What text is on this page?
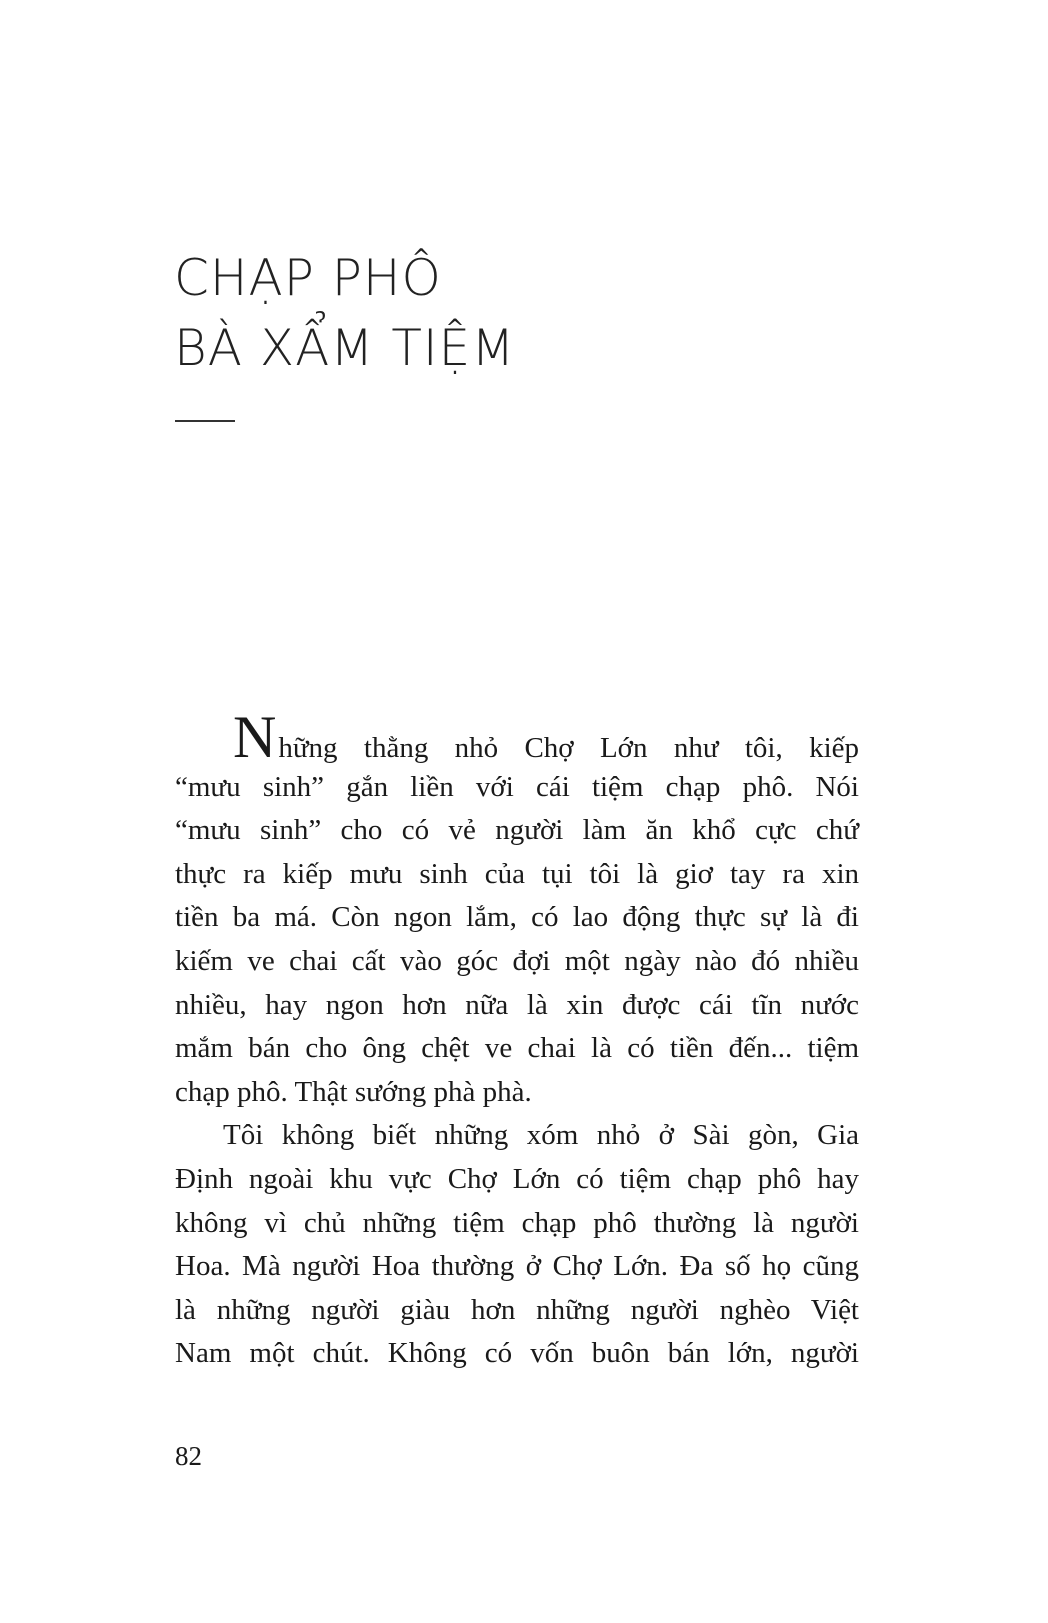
CHẠP PHÔ
BÀ XẨM TIỆM
Những thằng nhỏ Chợ Lớn như tôi, kiếp
“mưu sinh” gắn liền với cái tiệm chạp phô. Nói
“mưu sinh” cho có vẻ người làm ăn khổ cực chứ
thực ra kiếp mưu sinh của tụi tôi là giơ tay ra xin
tiền ba má. Còn ngon lắm, có lao động thực sự là đi
kiếm ve chai cất vào góc đợi một ngày nào đó nhiều
nhiều, hay ngon hơn nữa là xin được cái tĩn nước
mắm bán cho ông chệt ve chai là có tiền đến... tiệm
chạp phô. Thật sướng phà phà.
Tôi không biết những xóm nhỏ ở Sài gòn, Gia
Định ngoài khu vực Chợ Lớn có tiệm chạp phô hay
không vì chủ những tiệm chạp phô thường là người
Hoa. Mà người Hoa thường ở Chợ Lớn. Đa số họ cũng
là những người giàu hơn những người nghèo Việt
Nam một chút. Không có vốn buôn bán lớn, người
82
